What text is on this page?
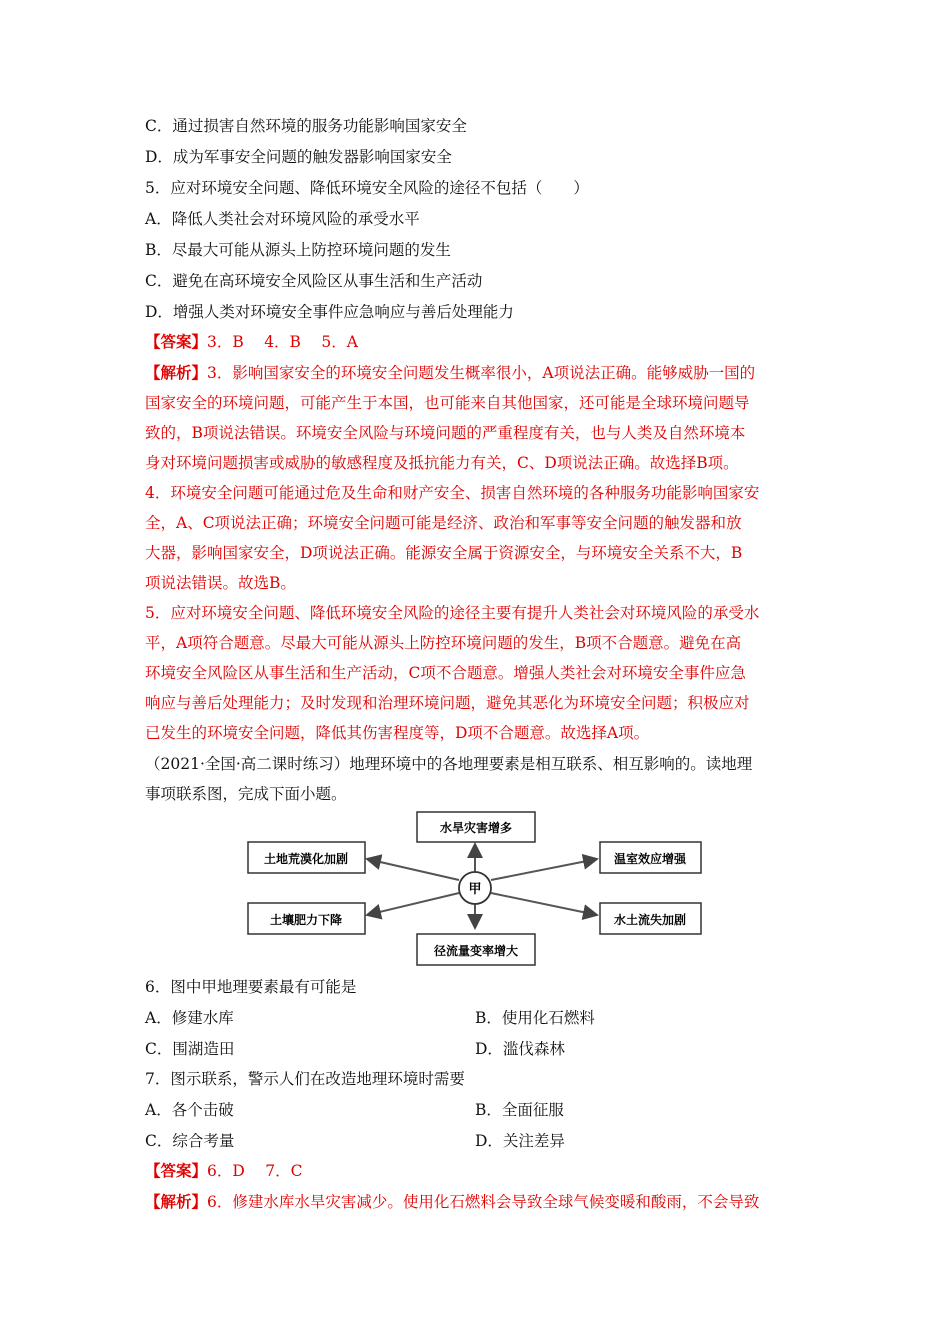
C．通过损害自然环境的服务功能影响国家安全
D．成为军事安全问题的触发器影响国家安全
5．应对环境安全问题、降低环境安全风险的途径不包括（　　）
A．降低人类社会对环境风险的承受水平
B．尽最大可能从源头上防控环境问题的发生
C．避免在高环境安全风险区从事生活和生产活动
D．增强人类对环境安全事件应急响应与善后处理能力
【答案】3．B　 4．B　 5．A
【解析】3．影响国家安全的环境安全问题发生概率很小，A项说法正确。能够威胁一国的
国家安全的环境问题，可能产生于本国，也可能来自其他国家，还可能是全球环境问题导
致的，B项说法错误。环境安全风险与环境问题的严重程度有关，也与人类及自然环境本
身对环境问题损害或威胁的敏感程度及抵抗能力有关，C、D项说法正确。故选择B项。
4．环境安全问题可能通过危及生命和财产安全、损害自然环境的各种服务功能影响国家安
全，A、C项说法正确；环境安全问题可能是经济、政治和军事等安全问题的触发器和放
大器，影响国家安全，D项说法正确。能源安全属于资源安全，与环境安全关系不大，B
项说法错误。故选B。
5．应对环境安全问题、降低环境安全风险的途径主要有提升人类社会对环境风险的承受水
平，A项符合题意。尽最大可能从源头上防控环境问题的发生，B项不合题意。避免在高
环境安全风险区从事生活和生产活动，C项不合题意。增强人类社会对环境安全事件应急
响应与善后处理能力；及时发现和治理环境问题，避免其恶化为环境安全问题；积极应对
已发生的环境安全问题，降低其伤害程度等，D项不合题意。故选择A项。
（2021·全国·高二课时练习）地理环境中的各地理要素是相互联系、相互影响的。读地理
事项联系图，完成下面小题。
水旱灾害增多
土地荒漠化加剧
土壤肥力下降
径流量变率增大
温室效应增强
水土流失加剧
甲
6．图中甲地理要素最有可能是
A．修建水库	B．使用化石燃料
C．围湖造田	D．滥伐森林
7．图示联系，警示人们在改造地理环境时需要
A．各个击破	B．全面征服
C．综合考量	D．关注差异
【答案】6．D　 7．C
【解析】6．修建水库水旱灾害减少。使用化石燃料会导致全球气候变暖和酸雨，不会导致
